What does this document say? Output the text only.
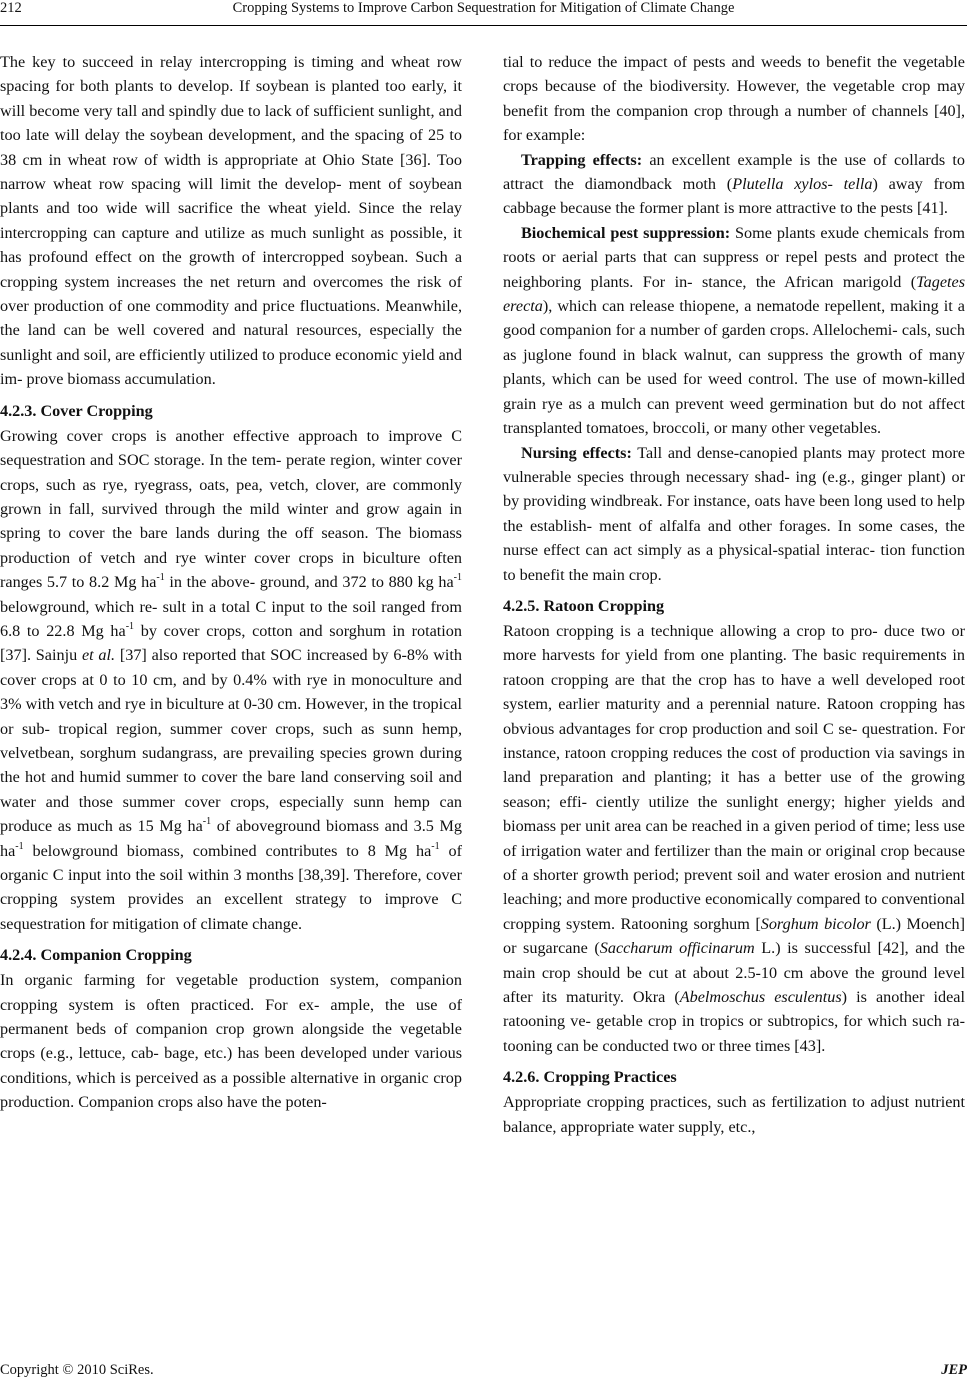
Cropping Systems to Improve Carbon Sequestration for Mitigation of Climate Change
212

The key to succeed in relay intercropping is timing and wheat row spacing for both plants to develop. If soybean is planted too early, it will become very tall and spindly due to lack of sufficient sunlight, and too late will delay the soybean development, and the spacing of 25 to 38 cm in wheat row of width is appropriate at Ohio State [36]. Too narrow wheat row spacing will limit the develop- ment of soybean plants and too wide will sacrifice the wheat yield. Since the relay intercropping can capture and utilize as much sunlight as possible, it has profound effect on the growth of intercropped soybean. Such a cropping system increases the net return and overcomes the risk of over production of one commodity and price fluctuations. Meanwhile, the land can be well covered and natural resources, especially the sunlight and soil, are efficiently utilized to produce economic yield and im- prove biomass accumulation.

4.2.3. Cover Cropping

Growing cover crops is another effective approach to improve C sequestration and SOC storage. In the tem- perate region, winter cover crops, such as rye, ryegrass, oats, pea, vetch, clover, are commonly grown in fall, survived through the mild winter and grow again in spring to cover the bare lands during the off season. The biomass production of vetch and rye winter cover crops in biculture often ranges 5.7 to 8.2 Mg $ha^{-1}$ in the above- ground, and 372 to 880 kg $ha^{-1}$ belowground, which re- sult in a total C input to the soil ranged from 6.8 to 22.8 Mg $ha^{-1}$ by cover crops, cotton and sorghum in rotation [37]. Sainju et al. [37] also reported that SOC increased by 6-8% with cover crops at 0 to 10 cm, and by 0.4% with rye in monoculture and 3% with vetch and rye in biculture at 0-30 cm. However, in the tropical or sub- tropical region, summer cover crops, such as sunn hemp, velvetbean, sorghum sudangrass, are prevailing species grown during the hot and humid summer to cover the bare land conserving soil and water and those summer cover crops, especially sunn hemp can produce as much as 15 Mg $ha^{-1}$ of aboveground biomass and 3.5 Mg $ha^{-1}$ belowground biomass, combined contributes to 8 Mg $ha^{-1}$ of organic C input into the soil within 3 months [38,39]. Therefore, cover cropping system provides an excellent strategy to improve C sequestration for mitigation of climate change.

4.2.4. Companion Cropping

In organic farming for vegetable production system, companion cropping system is often practiced. For ex- ample, the use of permanent beds of companion crop grown alongside the vegetable crops (e.g., lettuce, cab- bage, etc.) has been developed under various conditions, which is perceived as a possible alternative in organic crop production. Companion crops also have the poten-

tial to reduce the impact of pests and weeds to benefit the vegetable crops because of the biodiversity. However, the vegetable crop may benefit from the companion crop through a number of channels [40], for example:

Trapping effects: an excellent example is the use of collards to attract the diamondback moth (Plutella xylos- tella) away from cabbage because the former plant is more attractive to the pests [41].

Biochemical pest suppression: Some plants exude chemicals from roots or aerial parts that can suppress or repel pests and protect the neighboring plants. For in- stance, the African marigold (Tagetes erecta), which can release thiopene, a nematode repellent, making it a good companion for a number of garden crops. Allelochemi- cals, such as juglone found in black walnut, can suppress the growth of many plants, which can be used for weed control. The use of mown-killed grain rye as a mulch can prevent weed germination but do not affect transplanted tomatoes, broccoli, or many other vegetables.

Nursing effects: Tall and dense-canopied plants may protect more vulnerable species through necessary shad- ing (e.g., ginger plant) or by providing windbreak. For instance, oats have been long used to help the establish- ment of alfalfa and other forages. In some cases, the nurse effect can act simply as a physical-spatial interac- tion function to benefit the main crop.

4.2.5. Ratoon Cropping

Ratoon cropping is a technique allowing a crop to pro- duce two or more harvests for yield from one planting. The basic requirements in ratoon cropping are that the crop has to have a well developed root system, earlier maturity and a perennial nature. Ratoon cropping has obvious advantages for crop production and soil C se- questration. For instance, ratoon cropping reduces the cost of production via savings in land preparation and planting; it has a better use of the growing season; effi- ciently utilize the sunlight energy; higher yields and biomass per unit area can be reached in a given period of time; less use of irrigation water and fertilizer than the main or original crop because of a shorter growth period; prevent soil and water erosion and nutrient leaching; and more productive economically compared to conventional cropping system. Ratooning sorghum [Sorghum bicolor (L.) Moench] or sugarcane (Saccharum officinarum L.) is successful [42], and the main crop should be cut at about 2.5-10 cm above the ground level after its maturity. Okra (Abelmoschus esculentus) is another ideal ratooning ve- getable crop in tropics or subtropics, for which such ra- tooning can be conducted two or three times [43].

4.2.6. Cropping Practices

Appropriate cropping practices, such as fertilization to adjust nutrient balance, appropriate water supply, etc.,

Copyright © 2010 SciRes.	JEP
